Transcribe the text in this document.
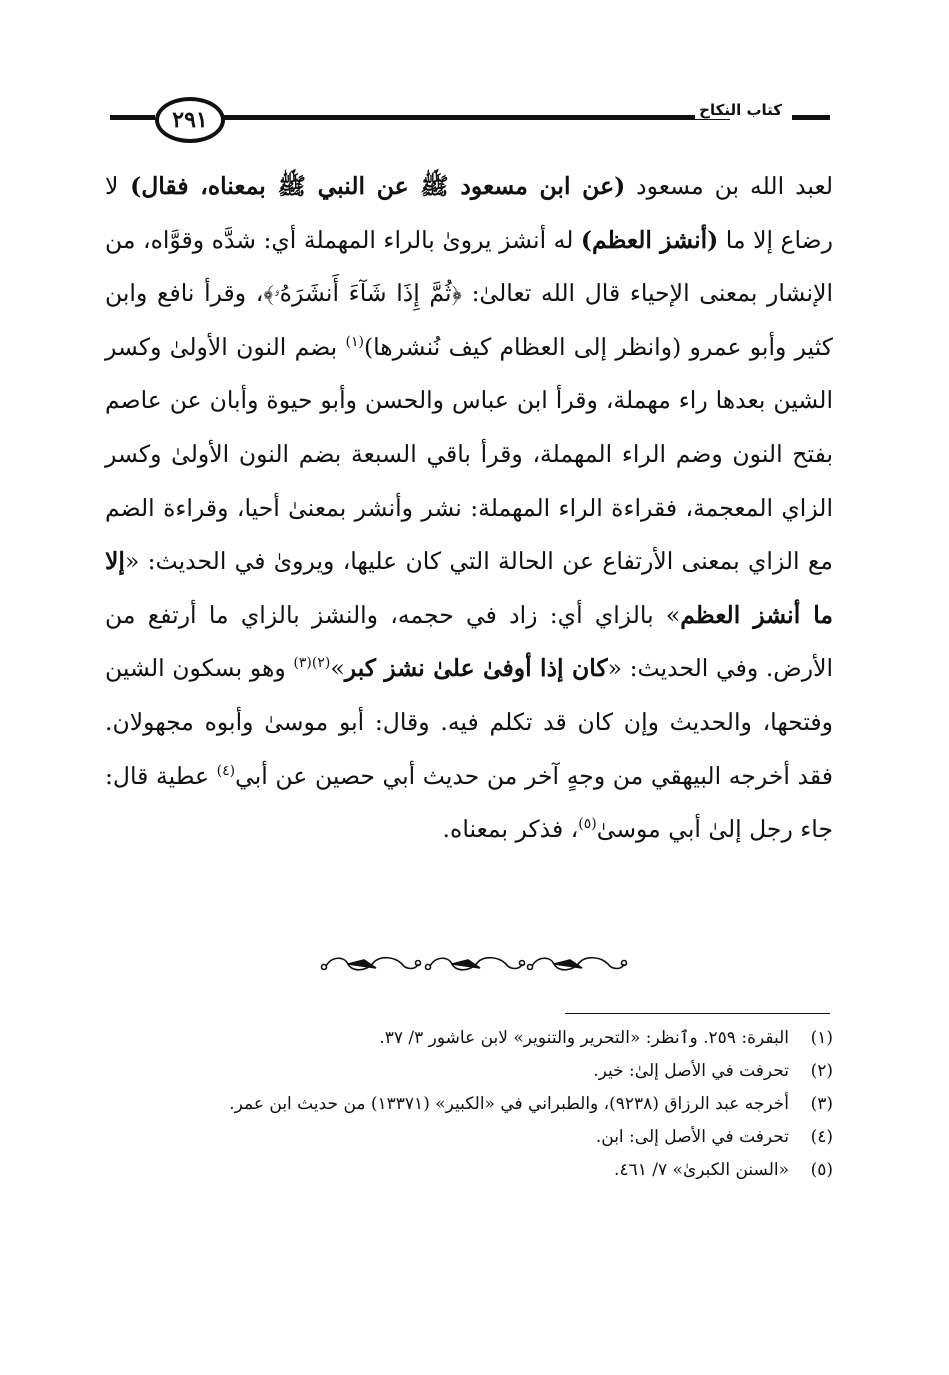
٢٩١	كتاب النكاح

لعبد الله بن مسعود (عن ابن مسعود ﷺ عن النبي ﷺ بمعناه، فقال) لا رضاع إلا ما (أنشز العظم) له أنشز يروىٰ بالراء المهملة أي: شدَّه وقوَّاه، من الإنشار بمعنى الإحياء قال الله تعالىٰ: ﴿ثُمَّ إِذَا شَآءَ أَنشَرَهُۥ﴾، وقرأ نافع وابن كثير وأبو عمرو (وانظر إلى العظام كيف نُنشرها)$^{(١)}$ بضم النون الأولىٰ وكسر الشين بعدها راء مهملة، وقرأ ابن عباس والحسن وأبو حيوة وأبان عن عاصم بفتح النون وضم الراء المهملة، وقرأ باقي السبعة بضم النون الأولىٰ وكسر الزاي المعجمة، فقراءة الراء المهملة: نشر وأنشر بمعنىٰ أحيا، وقراءة الضم مع الزاي بمعنى الأرتفاع عن الحالة التي كان عليها، ويروىٰ في الحديث: «إلا ما أنشز العظم» بالزاي أي: زاد في حجمه، والنشز بالزاي ما أرتفع من الأرض. وفي الحديث: «كان إذا أوفىٰ علىٰ نشز كبر»$^{(٢)(٣)}$ وهو بسكون الشين وفتحها، والحديث وإن كان قد تكلم فيه. وقال: أبو موسىٰ وأبوه مجهولان. فقد أخرجه البيهقي من وجهٍ آخر من حديث أبي حصين عن أبي$^{(٤)}$ عطية قال: جاء رجل إلىٰ أبي موسىٰ$^{(٥)}$، فذكر بمعناه.

(١)
البقرة: ٢٥٩. وٱنظر: «التحرير والتنوير» لابن عاشور ٣/ ٣٧.
(٢)
تحرفت في الأصل إلىٰ: خير.
(٣)
أخرجه عبد الرزاق (٩٢٣٨)، والطبراني في «الكبير» (١٣٣٧١) من حديث ابن عمر.
(٤)
تحرفت في الأصل إلى: ابن.
(٥)
«السنن الكبرىٰ» ٧/ ٤٦١.
